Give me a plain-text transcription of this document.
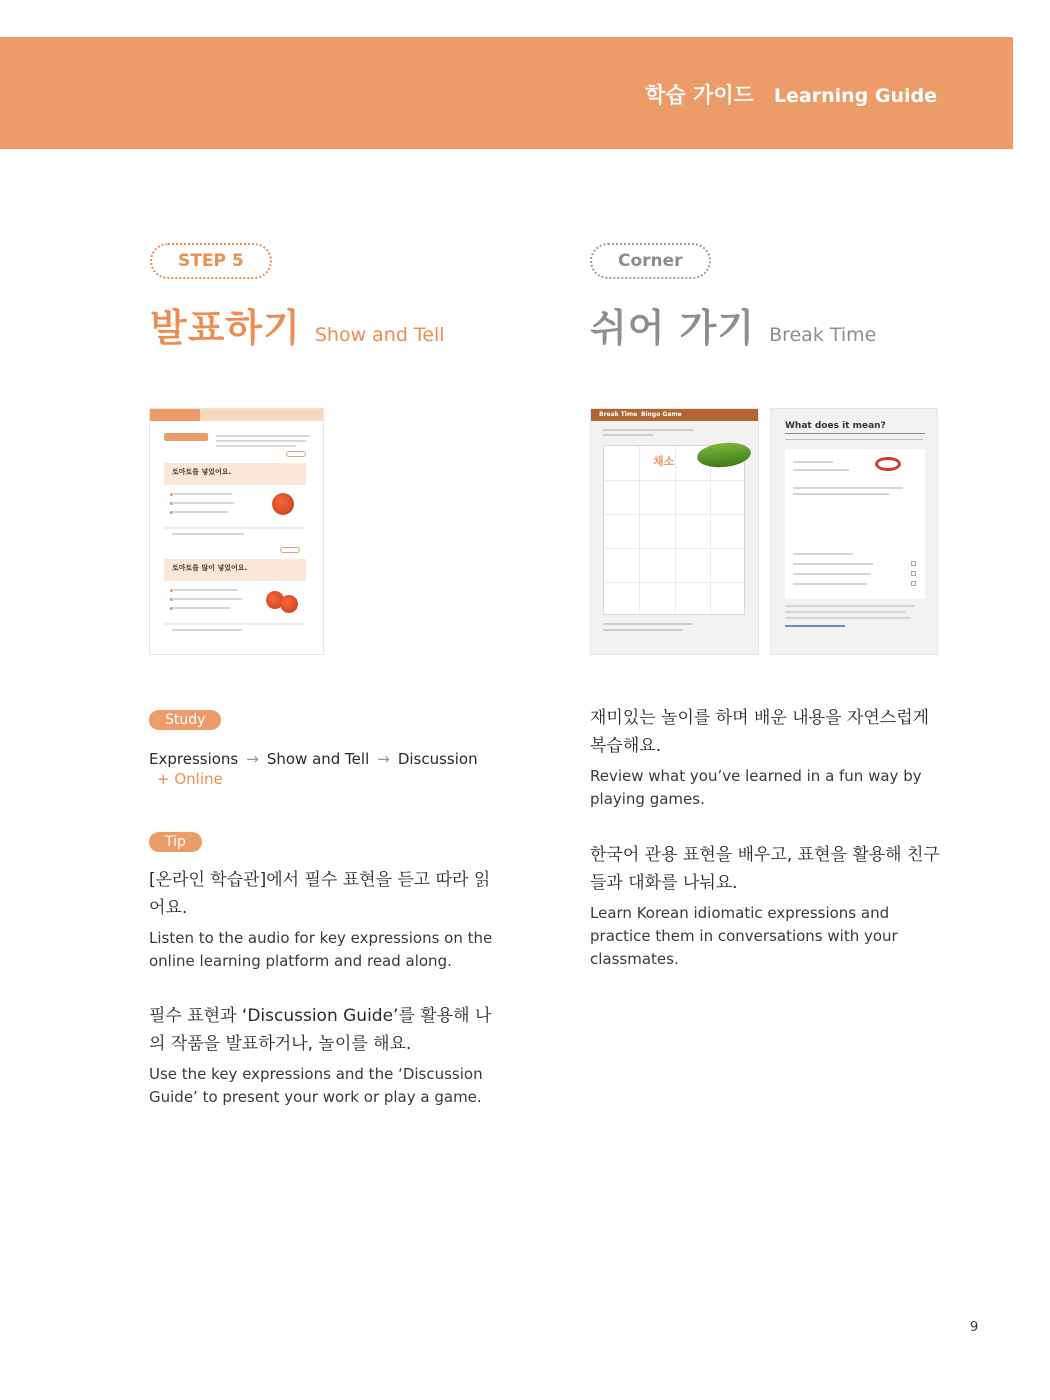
학습 가이드 Learning Guide
STEP 5
발표하기 Show and Tell
Corner
쉬어 가기 Break Time
토마토를 넣었어요.
토마토를 많이 넣었어요.
Break Time Bingo Game
채소
What does it mean?
Study
Expressions → Show and Tell → Discussion
+ Online
Tip
[온라인 학습관]에서 필수 표현을 듣고 따라 읽어요.
Listen to the audio for key expressions on the online learning platform and read along.
필수 표현과 ‘Discussion Guide’를 활용해 나의 작품을 발표하거나, 놀이를 해요.
Use the key expressions and the ‘Discussion Guide’ to present your work or play a game.
재미있는 놀이를 하며 배운 내용을 자연스럽게 복습해요.
Review what you’ve learned in a fun way by playing games.
한국어 관용 표현을 배우고, 표현을 활용해 친구들과 대화를 나눠요.
Learn Korean idiomatic expressions and practice them in conversations with your classmates.
9
